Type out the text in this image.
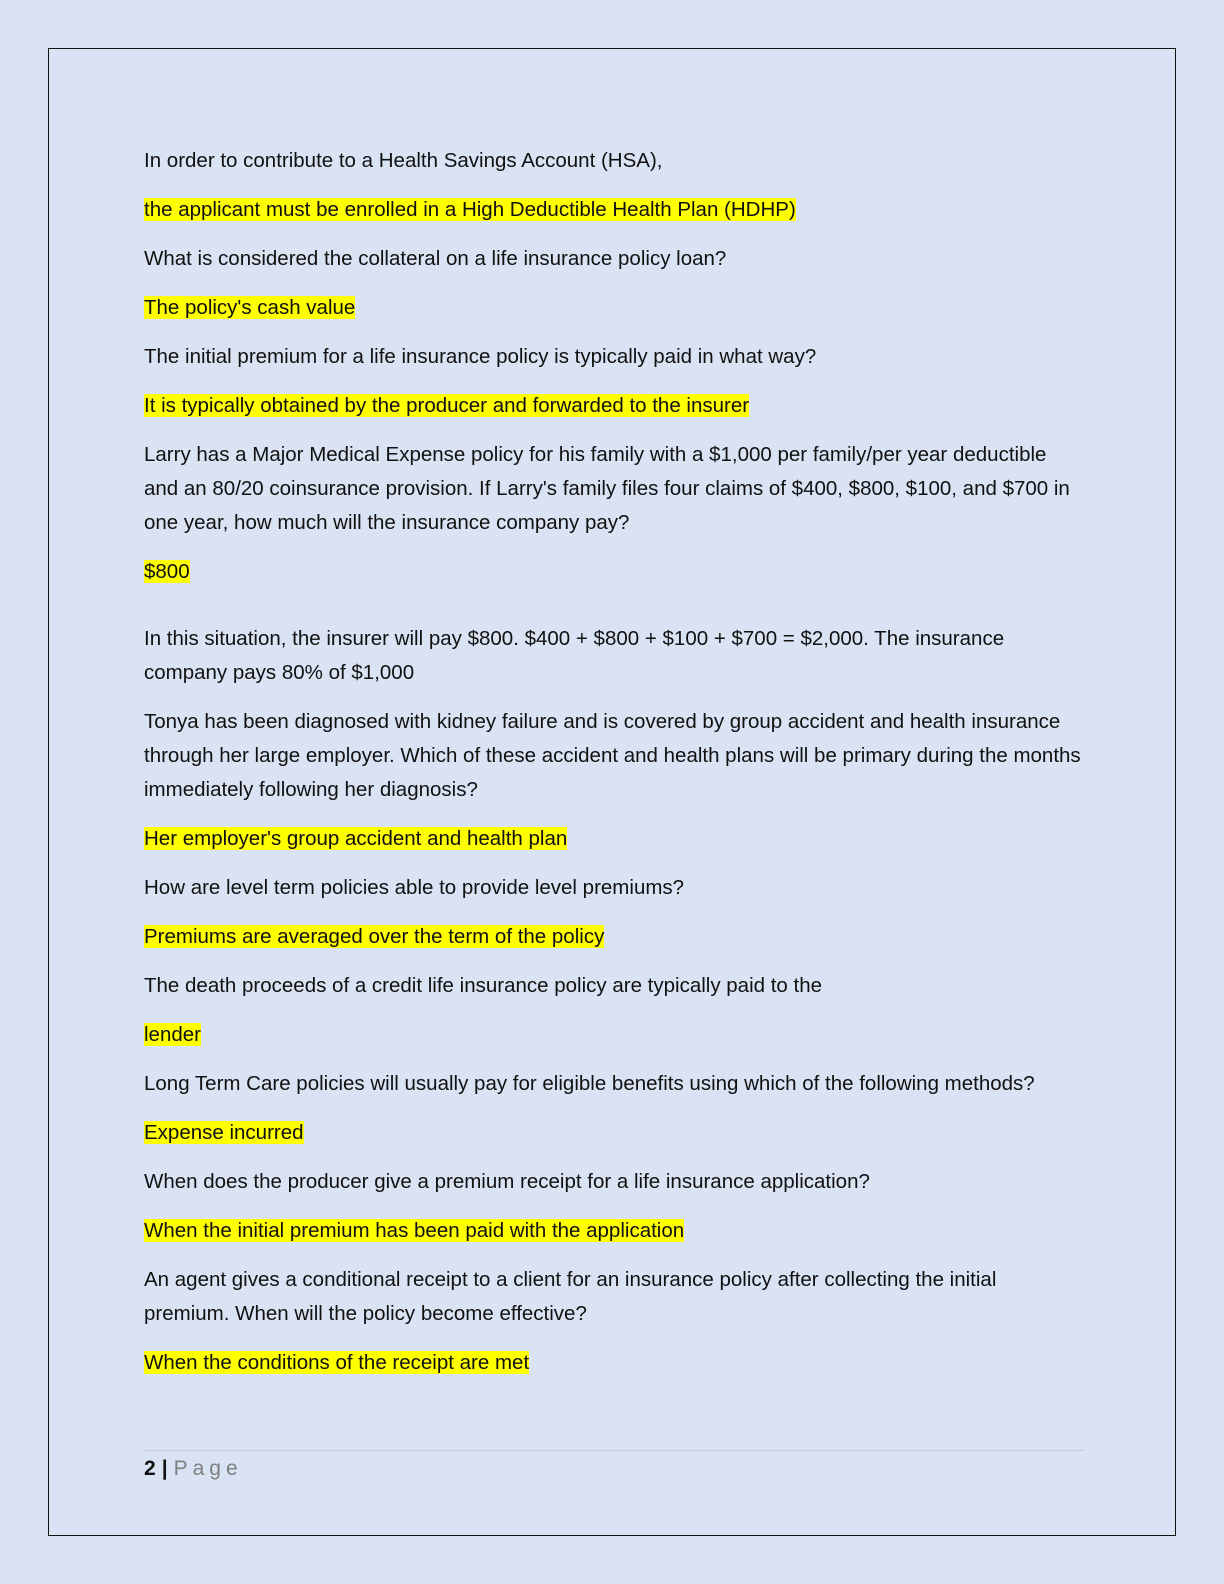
In order to contribute to a Health Savings Account (HSA),

the applicant must be enrolled in a High Deductible Health Plan (HDHP)

What is considered the collateral on a life insurance policy loan?

The policy's cash value

The initial premium for a life insurance policy is typically paid in what way?

It is typically obtained by the producer and forwarded to the insurer

Larry has a Major Medical Expense policy for his family with a $1,000 per family/per year deductible and an 80/20 coinsurance provision. If Larry's family files four claims of $400, $800, $100, and $700 in one year, how much will the insurance company pay?

$800

In this situation, the insurer will pay $800. $400 + $800 + $100 + $700 = $2,000. The insurance company pays 80% of $1,000

Tonya has been diagnosed with kidney failure and is covered by group accident and health insurance through her large employer. Which of these accident and health plans will be primary during the months immediately following her diagnosis?

Her employer's group accident and health plan

How are level term policies able to provide level premiums?

Premiums are averaged over the term of the policy

The death proceeds of a credit life insurance policy are typically paid to the

lender

Long Term Care policies will usually pay for eligible benefits using which of the following methods?

Expense incurred

When does the producer give a premium receipt for a life insurance application?

When the initial premium has been paid with the application

An agent gives a conditional receipt to a client for an insurance policy after collecting the initial premium. When will the policy become effective?

When the conditions of the receipt are met

2 | Page
